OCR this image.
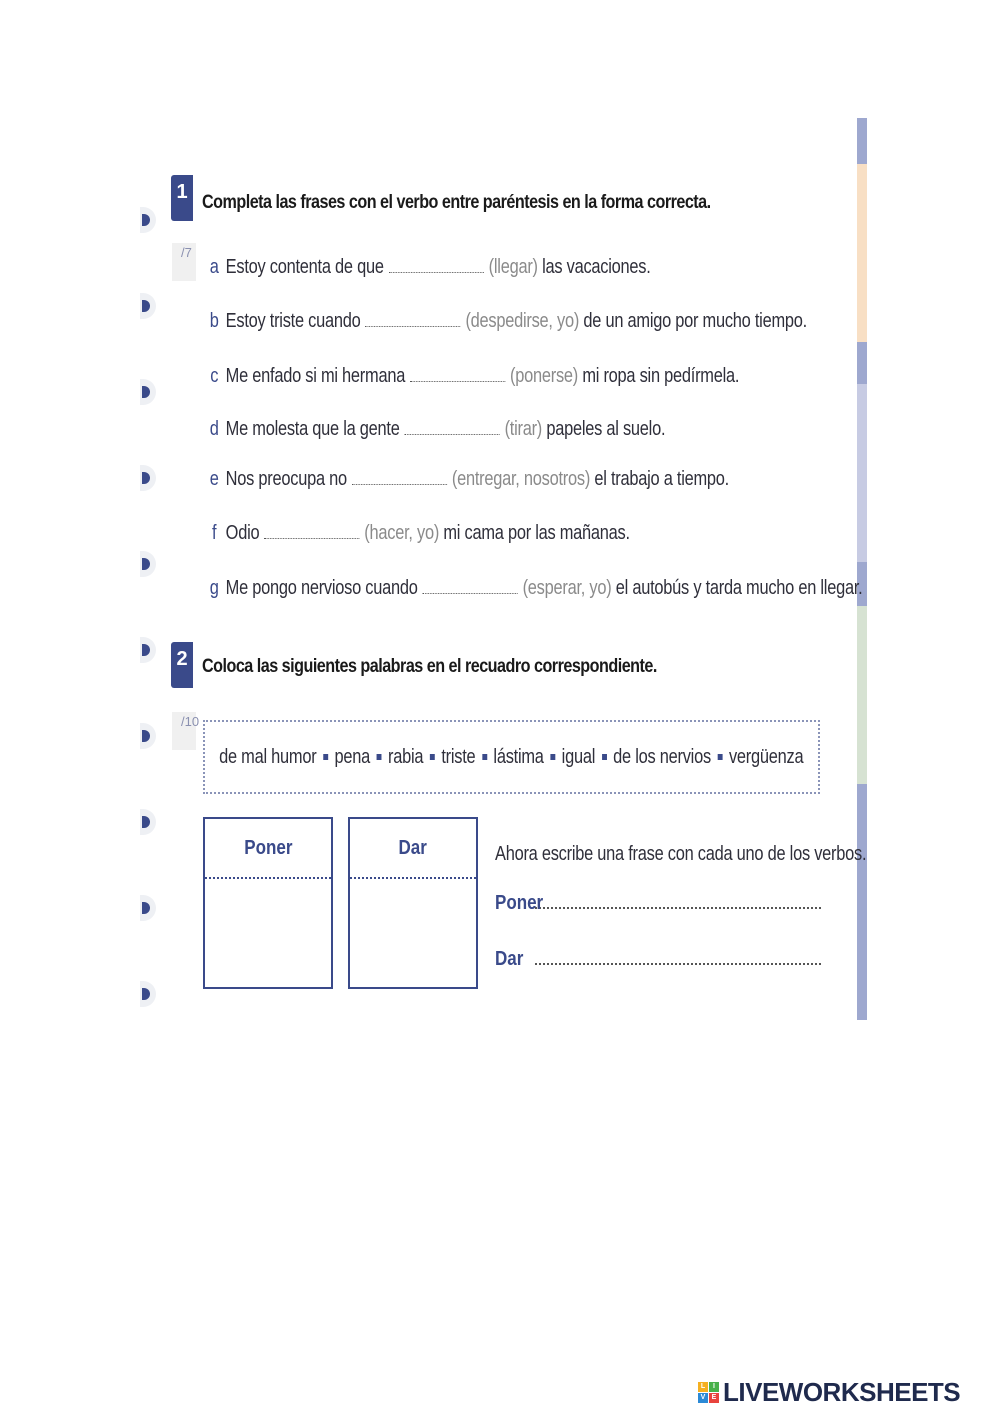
1 Completa las frases con el verbo entre paréntesis en la forma correcta.
/7
a Estoy contenta de que	(llegar) las vacaciones.
b Estoy triste cuando	(despedirse, yo) de un amigo por mucho tiempo.
c Me enfado si mi hermana	(ponerse) mi ropa sin pedírmela.
d Me molesta que la gente	(tirar) papeles al suelo.
e Nos preocupa no	(entregar, nosotros) el trabajo a tiempo.
f Odio	(hacer, yo) mi cama por las mañanas.
g Me pongo nervioso cuando	(esperar, yo) el autobús y tarda mucho en llegar.
2 Coloca las siguientes palabras en el recuadro correspondiente.
/10
de mal humor pena rabia triste lástima igual de los nervios vergüenza
Poner	Dar	Ahora escribe una frase con cada uno de los verbos.
Poner
Dar
L	I
V E LIVEWORKSHEETS
